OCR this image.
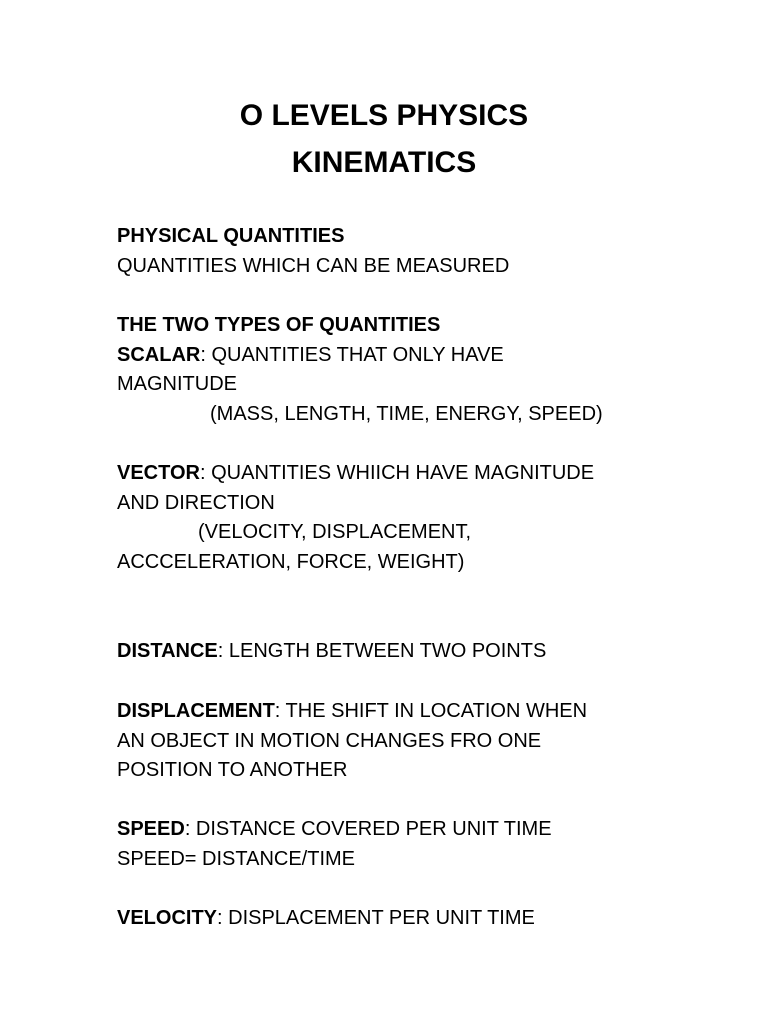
O LEVELS PHYSICS
KINEMATICS
PHYSICAL QUANTITIES
QUANTITIES WHICH CAN BE MEASURED
THE TWO TYPES OF QUANTITIES
SCALAR: QUANTITIES THAT ONLY HAVE
MAGNITUDE
(MASS, LENGTH, TIME, ENERGY, SPEED)
VECTOR: QUANTITIES WHIICH HAVE MAGNITUDE
AND DIRECTION
(VELOCITY, DISPLACEMENT,
ACCCELERATION, FORCE, WEIGHT)
DISTANCE: LENGTH BETWEEN TWO POINTS
DISPLACEMENT: THE SHIFT IN LOCATION WHEN
AN OBJECT IN MOTION CHANGES FRO ONE
POSITION TO ANOTHER
SPEED: DISTANCE COVERED PER UNIT TIME
SPEED= DISTANCE/TIME
VELOCITY: DISPLACEMENT PER UNIT TIME
